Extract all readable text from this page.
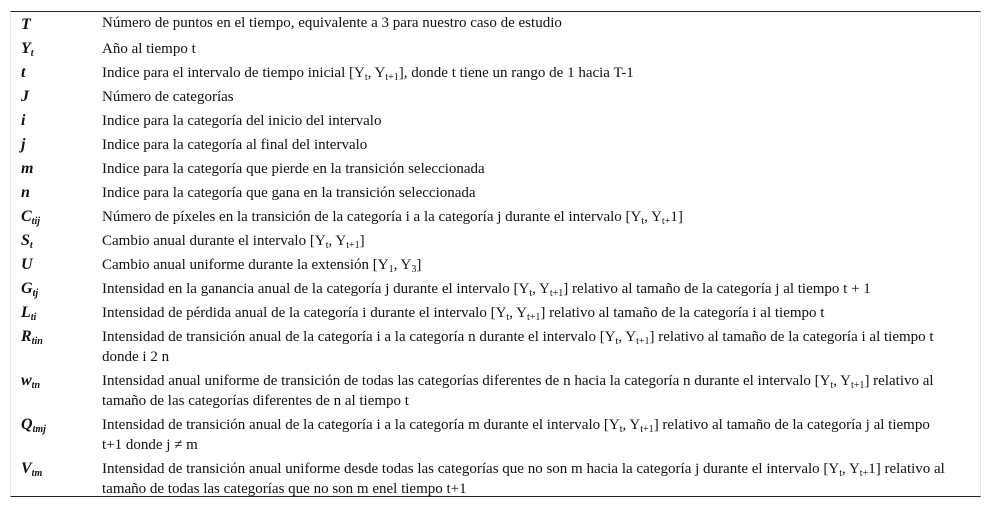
T	Número de puntos en el tiempo, equivalente a 3 para nuestro caso de estudio
$Y_t$	Año al tiempo t
t	Indice para el intervalo de tiempo inicial [$Y_t$, $Y_{t+1}$], donde t tiene un rango de 1 hacia T-1
J	Número de categorías
i	Indice para la categoría del inicio del intervalo
j	Indice para la categoría al final del intervalo
m	Indice para la categoría que pierde en la transición seleccionada
n	Indice para la categoría que gana en la transición seleccionada
$C_{tij}$	Número de píxeles en la transición de la categoría i a la categoría j durante el intervalo [$Y_t$, $Y_{t+}1$]
$S_t$	Cambio anual durante el intervalo [$Y_t$, $Y_{t+1}$]
U	Cambio anual uniforme durante la extensión [$Y_1$, $Y_3$]
$G_{tj}$	Intensidad en la ganancia anual de la categoría j durante el intervalo [$Y_t$, $Y_{t+1}$] relativo al tamaño de la categoría j al tiempo t + 1
$L_{ti}$	Intensidad de pérdida anual de la categoría i durante el intervalo [$Y_t$, $Y_{t+1}$] relativo al tamaño de la categoría i al tiempo t
$R_{tin}$	Intensidad de transición anual de la categoría i a la categoría n durante el intervalo [$Y_t$, $Y_{t+1}$] relativo al tamaño de la categoría i al tiempo t donde i 2 n
$w_{tn}$	Intensidad anual uniforme de transición de todas las categorías diferentes de n hacia la categoría n durante el intervalo [$Y_t$, $Y_{t+1}$] relativo al tamaño de las categorías diferentes de n al tiempo t
$Q_{tmj}$	Intensidad de transición anual de la categoría i a la categoría m durante el intervalo [$Y_t$, $Y_{t+1}$] relativo al tamaño de la categoría j al tiempo t+1 donde j ≠ m
$V_{tm}$	Intensidad de transición anual uniforme desde todas las categorías que no son m hacia la categoría j durante el intervalo [$Y_t$, $Y_{t+}1$] relativo al tamaño de todas las categorías que no son m enel tiempo t+1
